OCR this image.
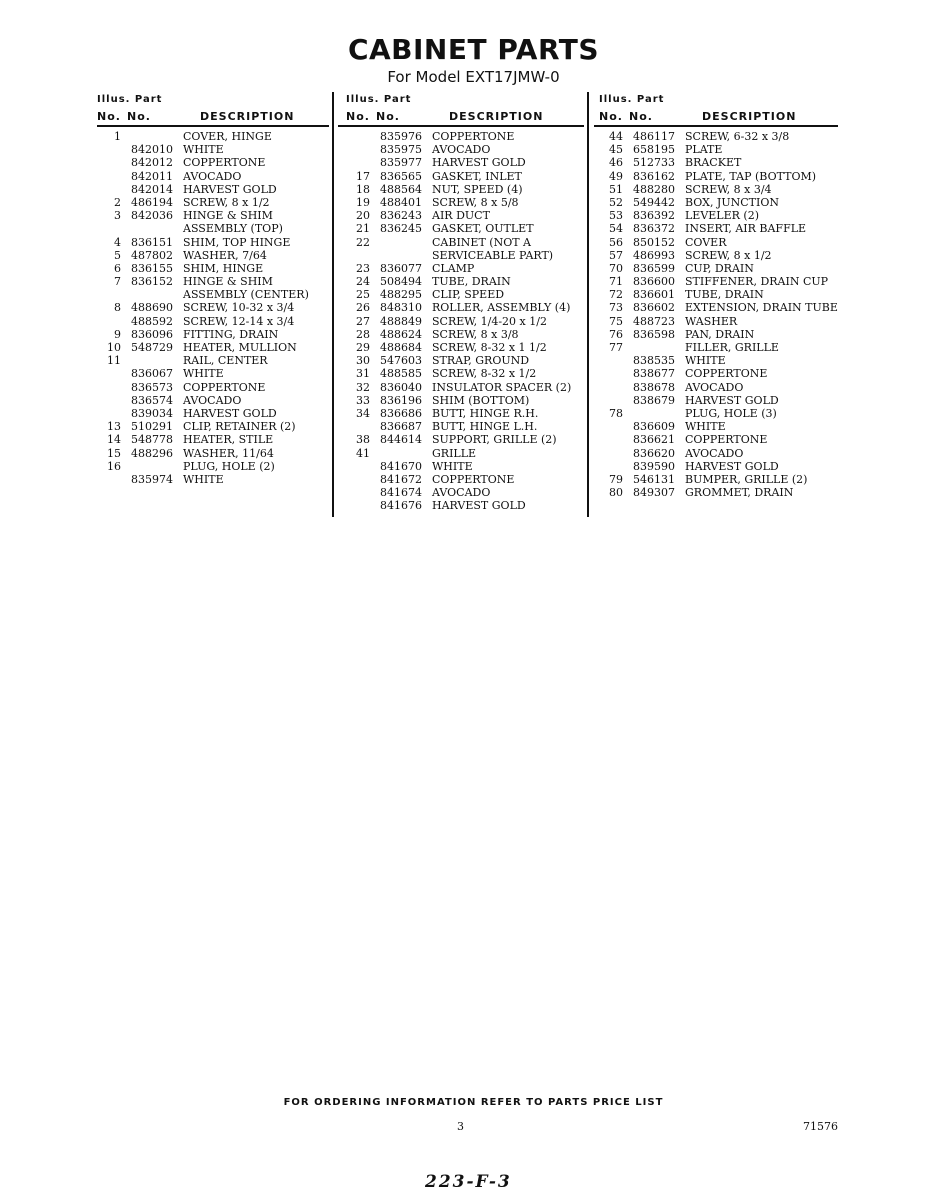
CABINET PARTS
For Model EXT17JMW-0
Illus. Part
No. No.	DESCRIPTION
1	COVER, HINGE
842010 WHITE
842012 COPPERTONE
842011 AVOCADO
842014 HARVEST GOLD
2 486194 SCREW, 8 x 1/2
3 842036 HINGE & SHIM
ASSEMBLY (TOP)
4 836151 SHIM, TOP HINGE
5 487802 WASHER, 7/64
6 836155 SHIM, HINGE
7 836152 HINGE & SHIM
ASSEMBLY (CENTER)
8 488690 SCREW, 10-32 x 3/4
488592 SCREW, 12-14 x 3/4
9 836096 FITTING, DRAIN
10 548729 HEATER, MULLION
11	RAIL, CENTER
836067 WHITE
836573 COPPERTONE
836574 AVOCADO
839034 HARVEST GOLD
13 510291 CLIP, RETAINER (2)
14 548778 HEATER, STILE
15 488296 WASHER, 11/64
16	PLUG, HOLE (2)
835974 WHITE
Illus. Part
No. No.	DESCRIPTION
835976 COPPERTONE
835975 AVOCADO
835977 HARVEST GOLD
17 836565 GASKET, INLET
18 488564 NUT, SPEED (4)
19 488401 SCREW, 8 x 5/8
20 836243 AIR DUCT
21 836245 GASKET, OUTLET
22	CABINET (NOT A
SERVICEABLE PART)
23 836077 CLAMP
24 508494 TUBE, DRAIN
25 488295 CLIP, SPEED
26 848310 ROLLER, ASSEMBLY (4)
27 488849 SCREW, 1/4-20 x 1/2
28 488624 SCREW, 8 x 3/8
29 488684 SCREW, 8-32 x 1 1/2
30 547603 STRAP, GROUND
31 488585 SCREW, 8-32 x 1/2
32 836040 INSULATOR SPACER (2)
33 836196 SHIM (BOTTOM)
34 836686 BUTT, HINGE R.H.
836687 BUTT, HINGE L.H.
38 844614 SUPPORT, GRILLE (2)
41	GRILLE
841670 WHITE
841672 COPPERTONE
841674 AVOCADO
841676 HARVEST GOLD
Illus. Part
No. No.	DESCRIPTION
44 486117 SCREW, 6-32 x 3/8
45 658195 PLATE
46 512733 BRACKET
49 836162 PLATE, TAP (BOTTOM)
51 488280 SCREW, 8 x 3/4
52 549442 BOX, JUNCTION
53 836392 LEVELER (2)
54 836372 INSERT, AIR BAFFLE
56 850152 COVER
57 486993 SCREW, 8 x 1/2
70 836599 CUP, DRAIN
71 836600 STIFFENER, DRAIN CUP
72 836601 TUBE, DRAIN
73 836602 EXTENSION, DRAIN TUBE
75 488723 WASHER
76 836598 PAN, DRAIN
77	FILLER, GRILLE
838535 WHITE
838677 COPPERTONE
838678 AVOCADO
838679 HARVEST GOLD
78	PLUG, HOLE (3)
836609 WHITE
836621 COPPERTONE
836620 AVOCADO
839590 HARVEST GOLD
79 546131 BUMPER, GRILLE (2)
80 849307 GROMMET, DRAIN
FOR ORDERING INFORMATION REFER TO PARTS PRICE LIST
3	71576
223-F-3
